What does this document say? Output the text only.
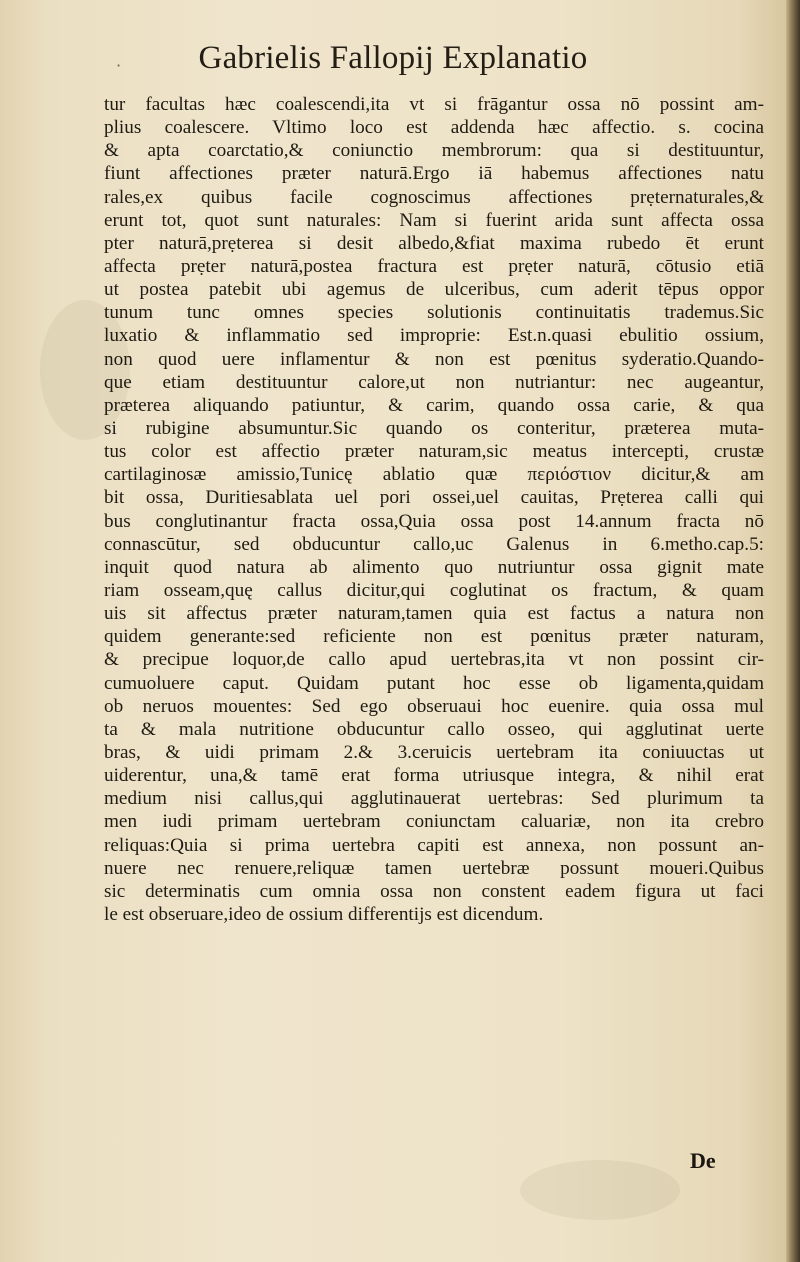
·	Gabrielis Fallopij Explanatio
tur facultas hæc coalescendi,ita vt si frāgantur ossa nō possint am-
plius coalescere. Vltimo loco est addenda hæc affectio. s. cocina
& apta coarctatio,& coniunctio membrorum: qua si destituuntur,
fiunt affectiones præter naturā.Ergo iā habemus affectiones natu
rales,ex quibus facile cognoscimus affectiones prẹternaturales,&
erunt tot, quot sunt naturales: Nam si fuerint arida sunt affecta ossa
pter naturā,prẹterea si desit albedo,&fiat maxima rubedo ēt erunt
affecta prẹter naturā,postea fractura est prẹter naturā, cōtusio etiā
ut postea patebit ubi agemus de ulceribus, cum aderit tēpus oppor
tunum tunc omnes species solutionis continuitatis trademus.Sic
luxatio & inflammatio sed improprie: Est.n.quasi ebulitio ossium,
non quod uere inflamentur & non est pœnitus syderatio.Quando-
que etiam destituuntur calore,ut non nutriantur: nec augeantur,
præterea aliquando patiuntur, & carim, quando ossa carie, & qua
si rubigine absumuntur.Sic quando os conteritur, præterea muta-
tus color est affectio præter naturam,sic meatus intercepti, crustæ
cartilaginosæ amissio,Tunicę ablatio quæ περιόστιον dicitur,& am
bit ossa, Duritiesablata uel pori ossei,uel cauitas, Prẹterea calli qui
bus conglutinantur fracta ossa,Quia ossa post 14.annum fracta nō
connascūtur, sed obducuntur callo,uc Galenus in 6.metho.cap.5:
inquit quod natura ab alimento quo nutriuntur ossa gignit mate
riam osseam,quę callus dicitur,qui coglutinat os fractum, & quam
uis sit affectus præter naturam,tamen quia est factus a natura non
quidem generante:sed reficiente non est pœnitus præter naturam,
& precipue loquor,de callo apud uertebras,ita vt non possint cir-
cumuoluere caput. Quidam putant hoc esse ob ligamenta,quidam
ob neruos mouentes: Sed ego obseruaui hoc euenire. quia ossa mul
ta & mala nutritione obducuntur callo osseo, qui agglutinat uerte
bras, & uidi primam 2.& 3.ceruicis uertebram ita coniuuctas ut
uiderentur, una,& tamē erat forma utriusque integra, & nihil erat
medium nisi callus,qui agglutinauerat uertebras: Sed plurimum ta
men iudi primam uertebram coniunctam caluariæ, non ita crebro
reliquas:Quia si prima uertebra capiti est annexa, non possunt an-
nuere nec renuere,reliquæ tamen uertebræ possunt moueri.Quibus
sic determinatis cum omnia ossa non constent eadem figura ut faci
le est obseruare,ideo de ossium differentijs est dicendum.
De
